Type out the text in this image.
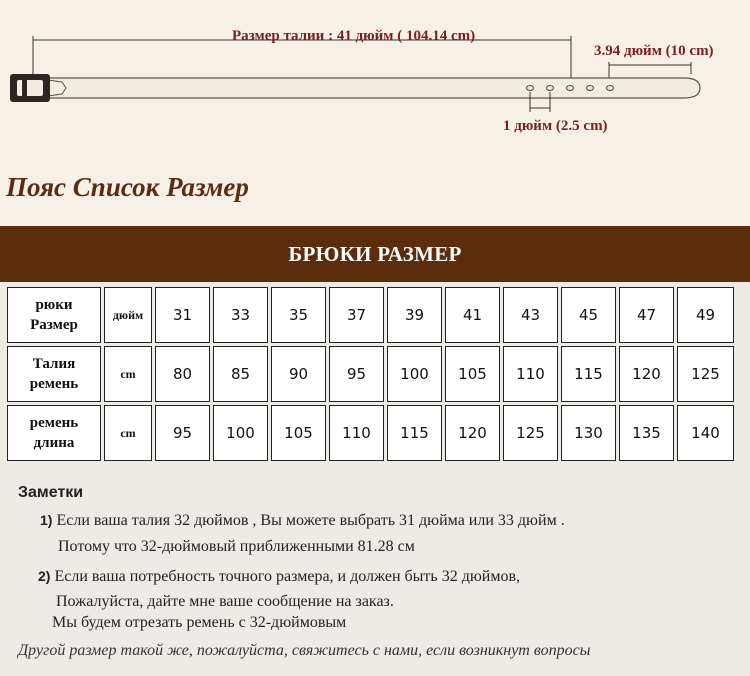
Размер талии : 41 дюйм ( 104.14 cm)
3.94 дюйм (10 cm)
1 дюйм (2.5 cm)
Пояс Список Размер
БРЮКИ РАЗМЕР
рюки
Размер	дюйм	31	33	35	37	39	41	43	45	47	49
Талия
ремень	cm	80	85	90	95	100	105	110	115	120	125
ремень
длина	cm	95	100	105	110	115	120	125	130	135	140
Заметки
1) Если ваша талия 32 дюймов , Вы можете выбрать 31 дюйма или 33 дюйм .
Потому что 32-дюймовый приближенными 81.28 см
2) Если ваша потребность точного размера, и должен быть 32 дюймов,
Пожалуйста, дайте мне ваше сообщение на заказ.
Мы будем отрезать ремень с 32-дюймовым
Другой размер такой же, пожалуйста, свяжитесь с нами, если возникнут вопросы
